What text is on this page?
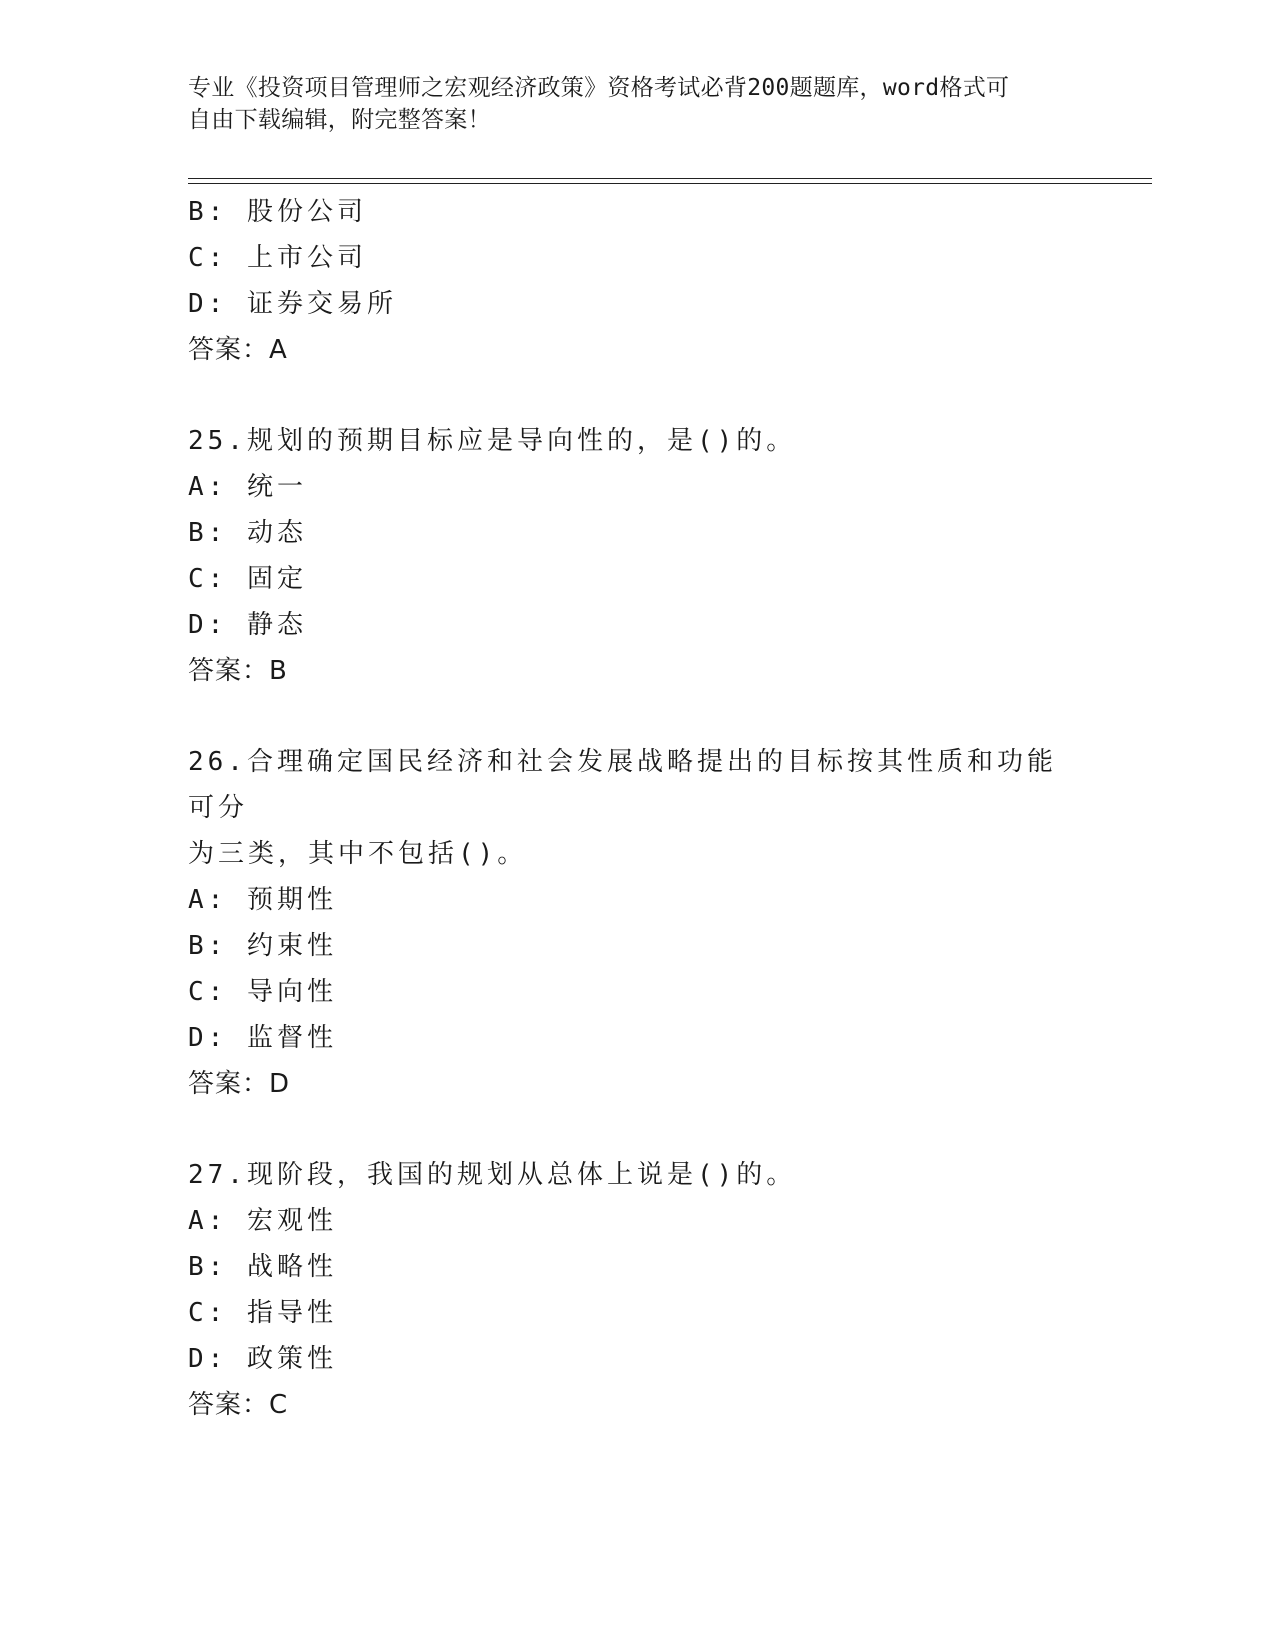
专业《投资项目管理师之宏观经济政策》资格考试必背200题题库，word格式可
自由下载编辑，附完整答案！
B: 股份公司
C: 上市公司
D: 证券交易所
答案：A
25.规划的预期目标应是导向性的，是()的。
A: 统一
B: 动态
C: 固定
D: 静态
答案：B
26.合理确定国民经济和社会发展战略提出的目标按其性质和功能可分
为三类，其中不包括()。
A: 预期性
B: 约束性
C: 导向性
D: 监督性
答案：D
27.现阶段，我国的规划从总体上说是()的。
A: 宏观性
B: 战略性
C: 指导性
D: 政策性
答案：C
